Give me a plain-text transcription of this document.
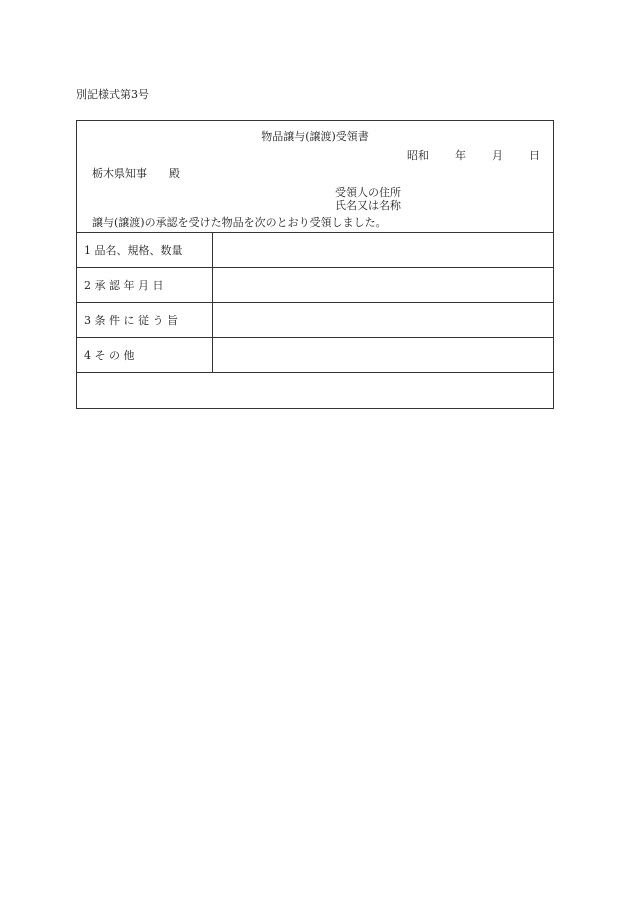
別記様式第3号
物品譲与(譲渡)受領書
昭和 年 月 日
栃木県知事 殿
受領人の住所
氏名又は名称
譲与(譲渡)の承認を受けた物品を次のとおり受領しました。
1 品名、規格、数量
2 承 認 年 月 日
3 条 件 に 従 う 旨
4 そ の 他
